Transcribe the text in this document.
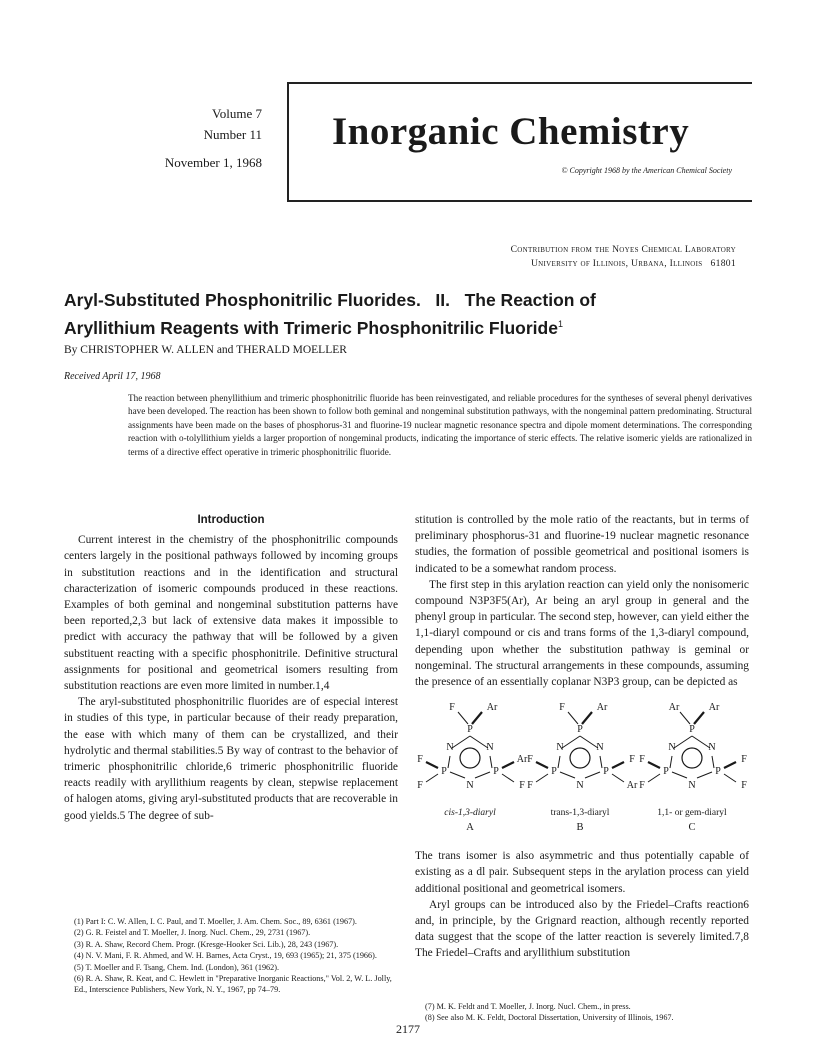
Volume 7
Number 11
November 1, 1968
Inorganic Chemistry
© Copyright 1968 by the American Chemical Society
Contribution from the Noyes Chemical Laboratory
University of Illinois, Urbana, Illinois   61801
Aryl-Substituted Phosphonitrilic Fluorides.   II.   The Reaction of
Aryllithium Reagents with Trimeric Phosphonitrilic Fluoride$^1$
By CHRISTOPHER W. ALLEN and THERALD MOELLER
Received April 17, 1968
The reaction between phenyllithium and trimeric phosphonitrilic fluoride has been reinvestigated, and reliable procedures for the syntheses of several phenyl derivatives have been developed. The reaction has been shown to follow both geminal and nongeminal substitution pathways, with the nongeminal pattern predominating. Structural assignments have been made on the bases of phosphorus-31 and fluorine-19 nuclear magnetic resonance spectra and dipole moment determinations. The corresponding reaction with o-tolyllithium yields a larger proportion of nongeminal products, indicating the importance of steric effects. The relative isomeric yields are rationalized in terms of a directive effect operative in trimeric phosphonitrilic fluoride.
Introduction

Current interest in the chemistry of the phosphonitrilic compounds centers largely in the positional pathways followed by incoming groups in substitution reactions and in the identification and structural characterization of isomeric compounds produced in these reactions. Examples of both geminal and nongeminal substitution patterns have been reported,2,3 but lack of extensive data makes it impossible to predict with accuracy the pathway that will be followed by a given substituent reacting with a specific phosphonitrile. Definitive structural assignments for positional and geometrical isomers resulting from substitution reactions are even more limited in number.1,4

The aryl-substituted phosphonitrilic fluorides are of especial interest in studies of this type, in particular because of their ready preparation, the ease with which many of them can be crystallized, and their hydrolytic and thermal stabilities.5 By way of contrast to the behavior of trimeric phosphonitrilic chloride,6 trimeric phosphonitrilic fluoride reacts readily with aryllithium reagents by clean, stepwise replacement of halogen atoms, giving aryl-substituted products that are recoverable in good yields.5 The degree of sub-

(1) Part I: C. W. Allen, I. C. Paul, and T. Moeller, J. Am. Chem. Soc., 89, 6361 (1967).
(2) G. R. Feistel and T. Moeller, J. Inorg. Nucl. Chem., 29, 2731 (1967).
(3) R. A. Shaw, Record Chem. Progr. (Kresge-Hooker Sci. Lib.), 28, 243 (1967).
(4) N. V. Mani, F. R. Ahmed, and W. H. Barnes, Acta Cryst., 19, 693 (1965); 21, 375 (1966).
(5) T. Moeller and F. Tsang, Chem. Ind. (London), 361 (1962).
(6) R. A. Shaw, R. Keat, and C. Hewlett in "Preparative Inorganic Reactions," Vol. 2, W. L. Jolly, Ed., Interscience Publishers, New York, N. Y., 1967, pp 74–79.

stitution is controlled by the mole ratio of the reactants, but in terms of preliminary phosphorus-31 and fluorine-19 nuclear magnetic resonance studies, the formation of possible geometrical and positional isomers is indicated to be a somewhat random process.

The first step in this arylation reaction can yield only the nonisomeric compound N3P3F5(Ar), Ar being an aryl group in general and the phenyl group in particular. The second step, however, can yield either the 1,1-diaryl compound or cis and trans forms of the 1,3-diaryl compound, depending upon whether the substitution pathway is geminal or nongeminal. The structural arrangements in these compounds, assuming the presence of an essentially coplanar N3P3 group, can be depicted as

P
N	N
N
P	P
F	Ar
F
F
Ar
F
P
N	N
N
P	P
F	Ar
F
F
F
Ar
P
N	N
N
P	P
Ar	Ar
F
F
F
F
cis-1,3-diaryl
A
trans-1,3-diaryl
B
1,1- or gem-diaryl
C

The trans isomer is also asymmetric and thus potentially capable of existing as a dl pair. Subsequent steps in the arylation process can yield additional positional and geometrical isomers.

Aryl groups can be introduced also by the Friedel–Crafts reaction6 and, in principle, by the Grignard reaction, although recently reported data suggest that the scope of the latter reaction is severely limited.7,8 The Friedel–Crafts and aryllithium substitution

(7) M. K. Feldt and T. Moeller, J. Inorg. Nucl. Chem., in press.
(8) See also M. K. Feldt, Doctoral Dissertation, University of Illinois, 1967.
2177
